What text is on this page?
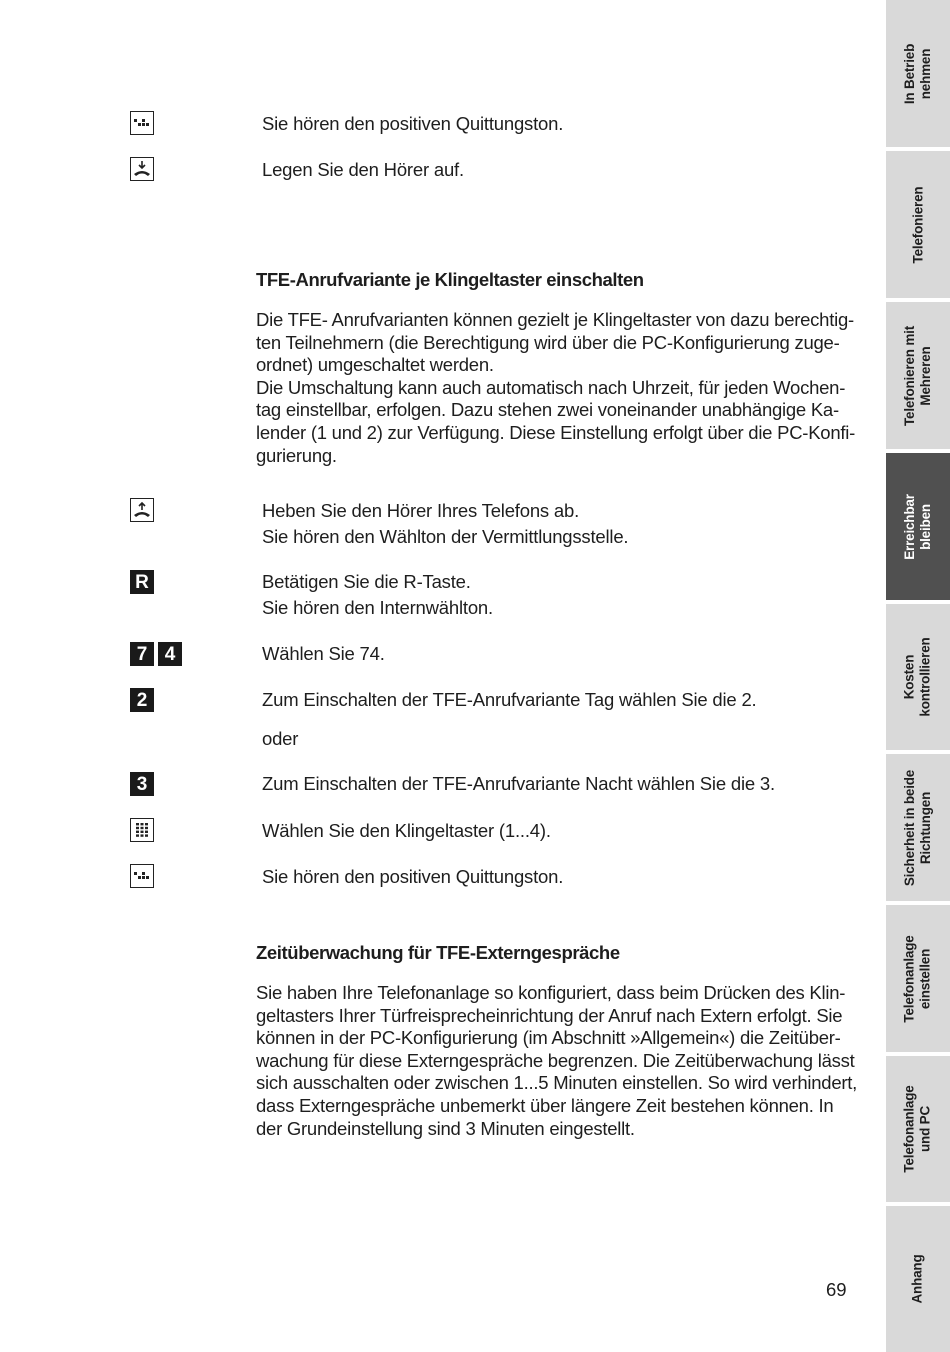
Sie hören den positiven Quittungston.
Legen Sie den Hörer auf.
TFE-Anrufvariante je Klingeltaster einschalten
Die TFE- Anrufvarianten können gezielt je Klingeltaster von dazu berechtig-
ten Teilnehmern (die Berechtigung wird über die PC-Konfigurierung zuge-
ordnet) umgeschaltet werden.
Die Umschaltung kann auch automatisch nach Uhrzeit, für jeden Wochen-
tag einstellbar, erfolgen. Dazu stehen zwei voneinander unabhängige Ka-
lender (1 und 2) zur Verfügung. Diese Einstellung erfolgt über die PC-Konfi-
gurierung.
Heben Sie den Hörer Ihres Telefons ab.
Sie hören den Wählton der Vermittlungsstelle.
R	Betätigen Sie die R-Taste.
Sie hören den Internwählton.
7 4	Wählen Sie 74.
2	Zum Einschalten der TFE-Anrufvariante Tag wählen Sie die 2.
oder
3	Zum Einschalten der TFE-Anrufvariante Nacht wählen Sie die 3.
Wählen Sie den Klingeltaster (1...4).
Sie hören den positiven Quittungston.
Zeitüberwachung für TFE-Externgespräche
Sie haben Ihre Telefonanlage so konfiguriert, dass beim Drücken des Klin-
geltasters Ihrer Türfreisprecheinrichtung der Anruf nach Extern erfolgt. Sie
können in der PC-Konfigurierung (im Abschnitt »Allgemein«) die Zeitüber-
wachung für diese Externgespräche begrenzen. Die Zeitüberwachung lässt
sich ausschalten oder zwischen 1...5 Minuten einstellen. So wird verhindert,
dass Externgespräche unbemerkt über längere Zeit bestehen können. In
der Grundeinstellung sind 3 Minuten eingestellt.
69
In Betrieb nehmen
Telefonieren
Telefonieren mit Mehreren
Erreichbar bleiben
Kosten kontrollieren
Sicherheit in beide Richtungen
Telefonanlage einstellen
Telefonanlage und PC
Anhang
